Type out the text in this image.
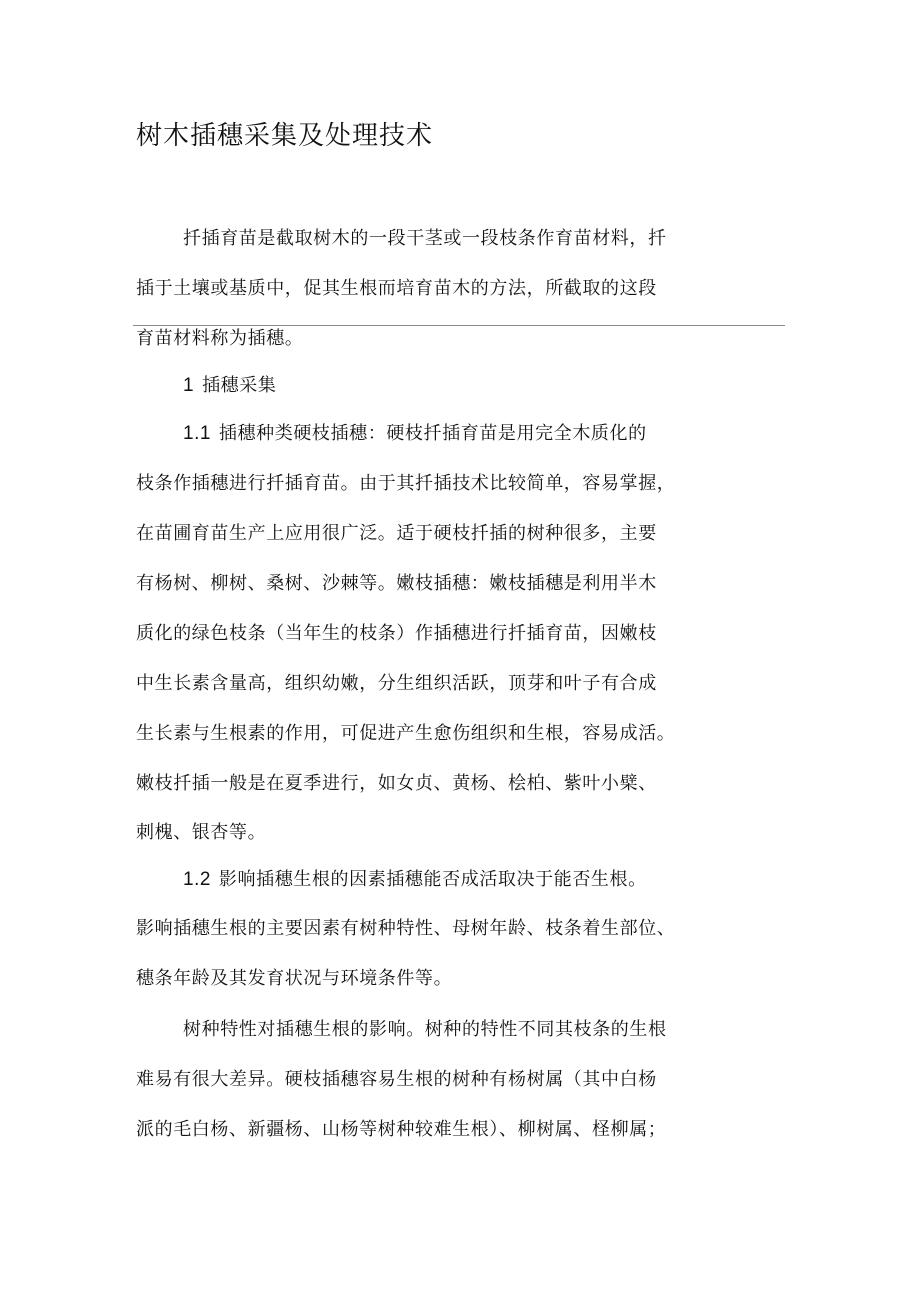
树木插穗采集及处理技术
扦插育苗是截取树木的一段干茎或一段枝条作育苗材料，扦
插于土壤或基质中，促其生根而培育苗木的方法，所截取的这段
育苗材料称为插穗。
1 插穗采集
1.1 插穗种类硬枝插穗：硬枝扦插育苗是用完全木质化的
枝条作插穗进行扦插育苗。由于其扦插技术比较简单，容易掌握，
在苗圃育苗生产上应用很广泛。适于硬枝扦插的树种很多，主要
有杨树、柳树、桑树、沙棘等。嫩枝插穗：嫩枝插穗是利用半木
质化的绿色枝条（当年生的枝条）作插穗进行扦插育苗，因嫩枝
中生长素含量高，组织幼嫩，分生组织活跃，顶芽和叶子有合成
生长素与生根素的作用，可促进产生愈伤组织和生根，容易成活。
嫩枝扦插一般是在夏季进行，如女贞、黄杨、桧柏、紫叶小檗、
刺槐、银杏等。
1.2 影响插穗生根的因素插穗能否成活取决于能否生根。
影响插穗生根的主要因素有树种特性、母树年龄、枝条着生部位、
穗条年龄及其发育状况与环境条件等。
树种特性对插穗生根的影响。树种的特性不同其枝条的生根
难易有很大差异。硬枝插穗容易生根的树种有杨树属（其中白杨
派的毛白杨、新疆杨、山杨等树种较难生根）、柳树属、柽柳属；
